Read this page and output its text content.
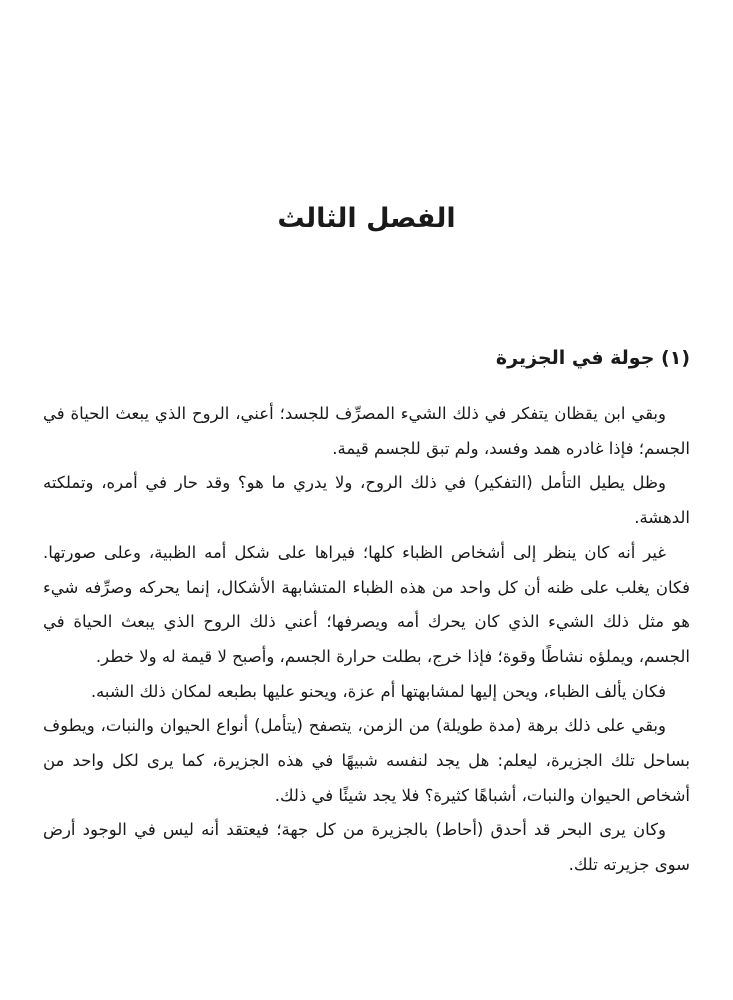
الفصل الثالث
(١) جولة في الجزيرة

وبقي ابن يقظان يتفكر في ذلك الشيء المصرِّف للجسد؛ أعني، الروح الذي يبعث الحياة في الجسم؛ فإذا غادره همد وفسد، ولم تبق للجسم قيمة.

وظل يطيل التأمل (التفكير) في ذلك الروح، ولا يدري ما هو؟ وقد حار في أمره، وتملكته الدهشة.

غير أنه كان ينظر إلى أشخاص الظباء كلها؛ فيراها على شكل أمه الظبية، وعلى صورتها. فكان يغلب على ظنه أن كل واحد من هذه الظباء المتشابهة الأشكال، إنما يحركه وصرِّفه شيء هو مثل ذلك الشيء الذي كان يحرك أمه ويصرفها؛ أعني ذلك الروح الذي يبعث الحياة في الجسم، ويملؤه نشاطًا وقوة؛ فإذا خرج، بطلت حرارة الجسم، وأصبح لا قيمة له ولا خطر.

فكان يألف الظباء، ويحن إليها لمشابهتها أم عزة، ويحنو عليها بطبعه لمكان ذلك الشبه.

وبقي على ذلك برهة (مدة طويلة) من الزمن، يتصفح (يتأمل) أنواع الحيوان والنبات، ويطوف بساحل تلك الجزيرة، ليعلم: هل يجد لنفسه شبيهًا في هذه الجزيرة، كما يرى لكل واحد من أشخاص الحيوان والنبات، أشباهًا كثيرة؟ فلا يجد شيئًا في ذلك.

وكان يرى البحر قد أحدق (أحاط) بالجزيرة من كل جهة؛ فيعتقد أنه ليس في الوجود أرض سوى جزيرته تلك.
